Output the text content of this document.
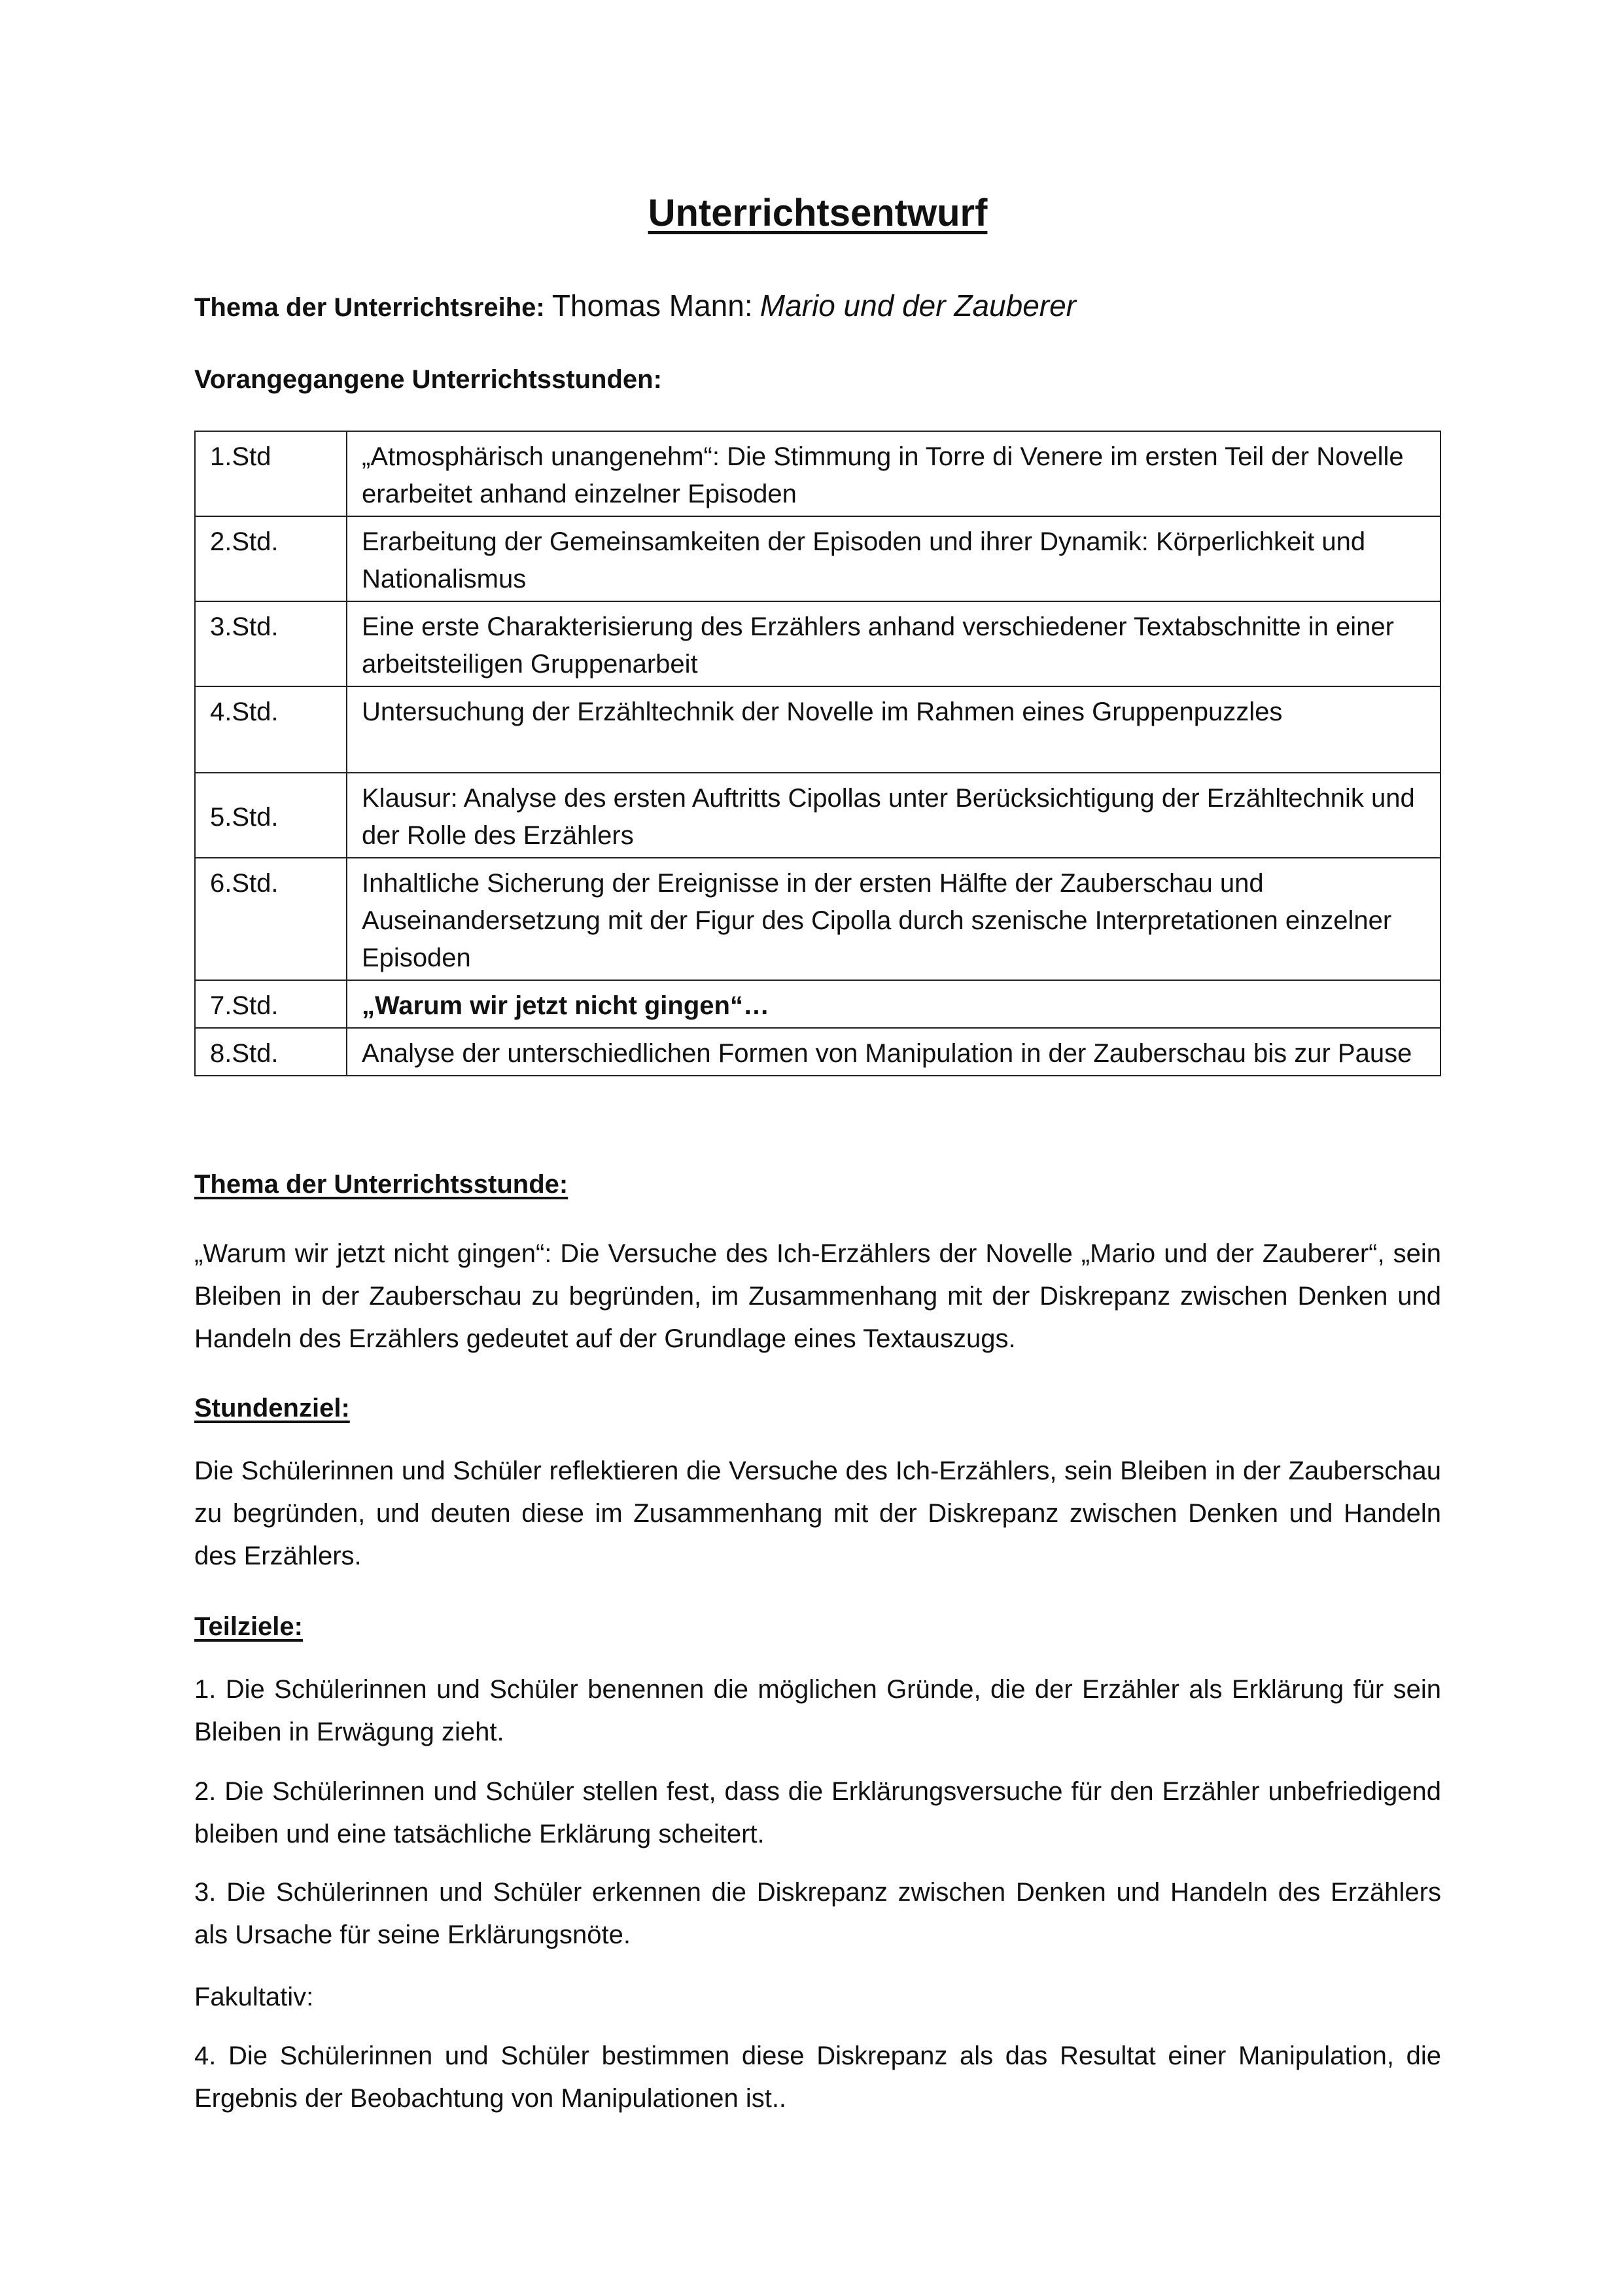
Unterrichtsentwurf
Thema der Unterrichtsreihe: Thomas Mann: Mario und der Zauberer
Vorangegangene Unterrichtsstunden:
1.Std	„Atmosphärisch unangenehm“: Die Stimmung in Torre di Venere im ersten Teil der Novelle erarbeitet anhand einzelner Episoden
2.Std.	Erarbeitung der Gemeinsamkeiten der Episoden und ihrer Dynamik: Körperlichkeit und Nationalismus
3.Std.	Eine erste Charakterisierung des Erzählers anhand verschiedener Textabschnitte in einer arbeitsteiligen Gruppenarbeit
4.Std.	Untersuchung der Erzähltechnik der Novelle im Rahmen eines Gruppenpuzzles
5.Std.	Klausur: Analyse des ersten Auftritts Cipollas unter Berücksichtigung der Erzähltechnik und der Rolle des Erzählers
6.Std.	Inhaltliche Sicherung der Ereignisse in der ersten Hälfte der Zauberschau und Auseinandersetzung mit der Figur des Cipolla durch szenische Interpretationen einzelner Episoden
7.Std.	„Warum wir jetzt nicht gingen“…
8.Std.	Analyse der unterschiedlichen Formen von Manipulation in der Zauberschau bis zur Pause
Thema der Unterrichtsstunde:
„Warum wir jetzt nicht gingen“: Die Versuche des Ich-Erzählers der Novelle „Mario und der Zauberer“, sein Bleiben in der Zauberschau zu begründen, im Zusammenhang mit der Diskrepanz zwischen Denken und Handeln des Erzählers gedeutet auf der Grundlage eines Textauszugs.
Stundenziel:
Die Schülerinnen und Schüler reflektieren die Versuche des Ich-Erzählers, sein Bleiben in der Zauberschau zu begründen, und deuten diese im Zusammenhang mit der Diskrepanz zwischen Denken und Handeln des Erzählers.
Teilziele:
1. Die Schülerinnen und Schüler benennen die möglichen Gründe, die der Erzähler als Erklärung für sein Bleiben in Erwägung zieht.
2. Die Schülerinnen und Schüler stellen fest, dass die Erklärungsversuche für den Erzähler unbefriedigend bleiben und eine tatsächliche Erklärung scheitert.
3. Die Schülerinnen und Schüler erkennen die Diskrepanz zwischen Denken und Handeln des Erzählers als Ursache für seine Erklärungsnöte.
Fakultativ:
4. Die Schülerinnen und Schüler bestimmen diese Diskrepanz als das Resultat einer Manipulation, die Ergebnis der Beobachtung von Manipulationen ist..
